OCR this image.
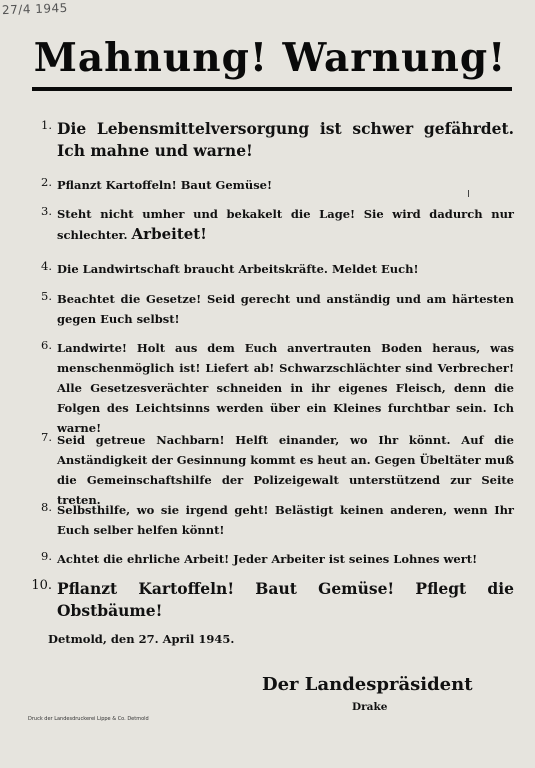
27/4 1945
Mahnung! Warnung!
1. Die Lebensmittelversorgung ist schwer gefährdet. Ich mahne und warne!
2. Pflanzt Kartoffeln! Baut Gemüse!
3. Steht nicht umher und bekakelt die Lage! Sie wird dadurch nur schlechter. Arbeitet!
4. Die Landwirtschaft braucht Arbeitskräfte. Meldet Euch!
5. Beachtet die Gesetze! Seid gerecht und anständig und am härtesten gegen Euch selbst!
6. Landwirte! Holt aus dem Euch anvertrauten Boden heraus, was menschenmöglich ist! Liefert ab! Schwarzschlächter sind Verbrecher! Alle Gesetzesverächter schneiden in ihr eigenes Fleisch, denn die Folgen des Leichtsinns werden über ein Kleines furchtbar sein. Ich warne!
7. Seid getreue Nachbarn! Helft einander, wo Ihr könnt. Auf die Anständigkeit der Gesinnung kommt es heut an. Gegen Übeltäter muß die Gemeinschaftshilfe der Polizeigewalt unterstützend zur Seite treten.
8. Selbsthilfe, wo sie irgend geht! Belästigt keinen anderen, wenn Ihr Euch selber helfen könnt!
9. Achtet die ehrliche Arbeit! Jeder Arbeiter ist seines Lohnes wert!
10. Pflanzt Kartoffeln! Baut Gemüse! Pflegt die Obstbäume!
Detmold, den 27. April 1945.
Der Landespräsident
Drake
Druck der Landesdruckerei Lippe & Co. Detmold
